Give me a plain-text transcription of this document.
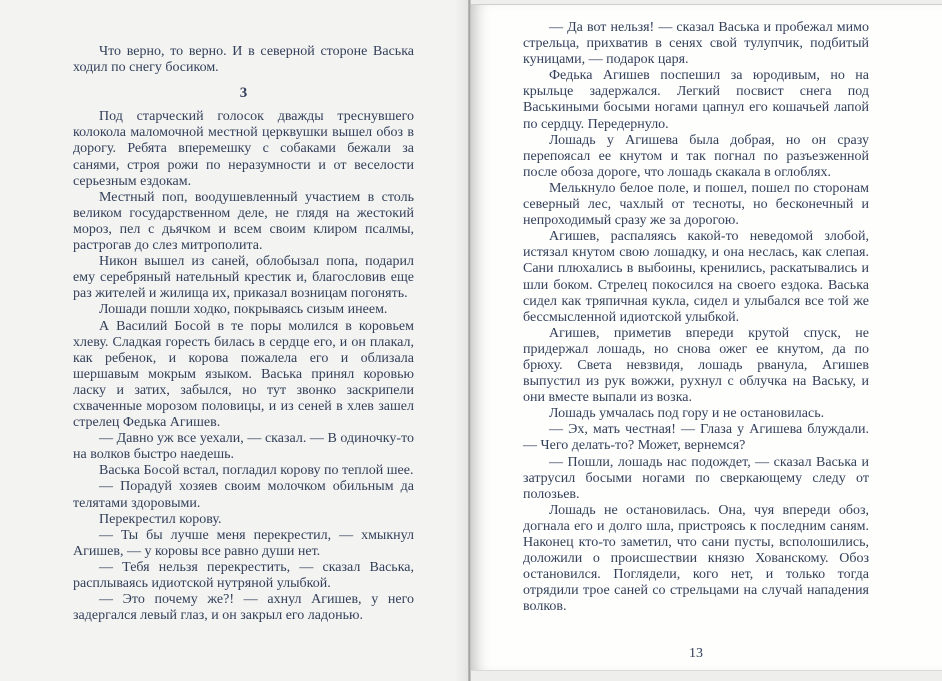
Что верно, то верно. И в северной стороне Васька ходил по снегу босиком.

3

Под старческий голосок дважды треснувшего колокола маломочной местной церквушки вышел обоз в дорогу. Ребята вперемешку с собаками бежали за санями, строя рожи по неразумности и от веселости серьезным ездокам.

Местный поп, воодушевленный участием в столь великом государственном деле, не глядя на жестокий мороз, пел с дьячком и всем своим клиром псалмы, растрогав до слез митрополита.

Никон вышел из саней, облобызал попа, подарил ему серебряный нательный крестик и, благословив еще раз жителей и жилища их, приказал возницам погонять.

Лошади пошли ходко, покрываясь сизым инеем.

А Василий Босой в те поры молился в коровьем хлеву. Сладкая горесть билась в сердце его, и он плакал, как ребенок, и корова пожалела его и облизала шершавым мокрым языком. Васька принял коровью ласку и затих, забылся, но тут звонко заскрипели схваченные морозом половицы, и из сеней в хлев зашел стрелец Федька Агишев.

— Давно уж все уехали, — сказал. — В одиночку-то на волков быстро наедешь.

Васька Босой встал, погладил корову по теплой шее.

— Порадуй хозяев своим молочком обильным да телятами здоровыми.

Перекрестил корову.

— Ты бы лучше меня перекрестил, — хмыкнул Агишев, — у коровы все равно души нет.

— Тебя нельзя перекрестить, — сказал Васька, расплываясь идиотской нутряной улыбкой.

— Это почему же?! — ахнул Агишев, у него задергался левый глаз, и он закрыл его ладонью.

— Да вот нельзя! — сказал Васька и пробежал мимо стрельца, прихватив в сенях свой тулупчик, подбитый куницами, — подарок царя.

Федька Агишев поспешил за юродивым, но на крыльце задержался. Легкий посвист снега под Васькиными босыми ногами цапнул его кошачьей лапой по сердцу. Передернуло.

Лошадь у Агишева была добрая, но он сразу перепоясал ее кнутом и так погнал по разъезженной после обоза дороге, что лошадь скакала в оглоблях.

Мелькнуло белое поле, и пошел, пошел по сторонам северный лес, чахлый от тесноты, но бесконечный и непроходимый сразу же за дорогою.

Агишев, распаляясь какой-то неведомой злобой, истязал кнутом свою лошадку, и она неслась, как слепая. Сани плюхались в выбоины, кренились, раскатывались и шли боком. Стрелец покосился на своего ездока. Васька сидел как тряпичная кукла, сидел и улыбался все той же бессмысленной идиотской улыбкой.

Агишев, приметив впереди крутой спуск, не придержал лошадь, но снова ожег ее кнутом, да по брюху. Света невзвидя, лошадь рванула, Агишев выпустил из рук вожжи, рухнул с облучка на Ваську, и они вместе выпали из возка.

Лошадь умчалась под гору и не остановилась.

— Эх, мать честная! — Глаза у Агишева блуждали. — Чего делать-то? Может, вернемся?

— Пошли, лошадь нас подождет, — сказал Васька и затрусил босыми ногами по сверкающему следу от полозьев.

Лошадь не остановилась. Она, чуя впереди обоз, догнала его и долго шла, пристроясь к последним саням. Наконец кто-то заметил, что сани пусты, всполошились, доложили о происшествии князю Хованскому. Обоз остановился. Поглядели, кого нет, и только тогда отрядили трое саней со стрельцами на случай нападения волков.

13
